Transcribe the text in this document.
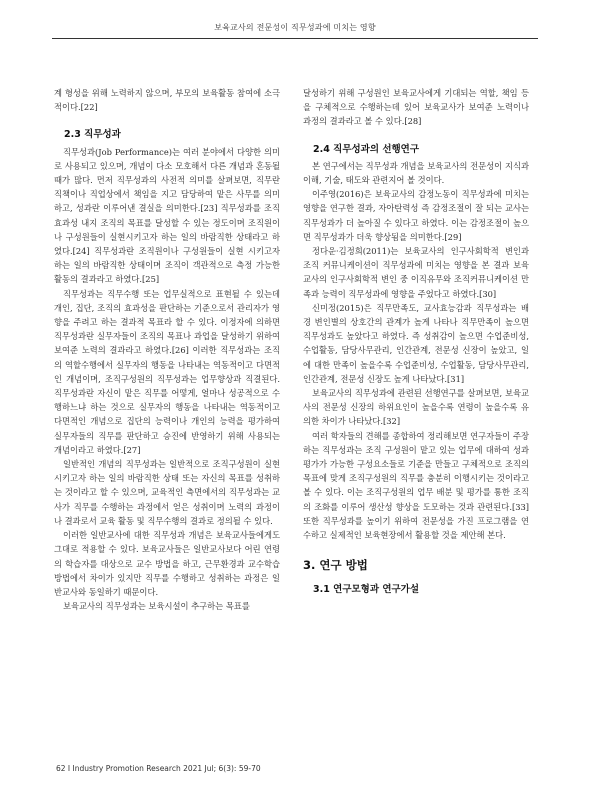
보육교사의 전문성이 직무성과에 미치는 영향

계 형성을 위해 노력하지 않으며, 부모의 보육활동 참여에 소극적이다.[22]

2.3 직무성과

직무성과(Job Performance)는 여러 분야에서 다양한 의미로 사용되고 있으며, 개념이 다소 모호해서 다른 개념과 혼동될 때가 많다. 먼저 직무성과의 사전적 의미를 살펴보면, 직무란 직책이나 직업상에서 책임을 지고 담당하여 맡은 사무를 의미하고, 성과란 이루어낸 결실을 의미한다.[23] 직무성과를 조직효과성 내지 조직의 목표를 달성할 수 있는 정도이며 조직원이나 구성원들이 실현시키고자 하는 일의 바람직한 상태라고 하였다.[24] 직무성과란 조직원이나 구성원들이 실현 시키고자 하는 일의 바람직한 상태이며 조직이 객관적으로 측정 가능한 활동의 결과라고 하였다.[25]

직무성과는 직무수행 또는 업무실적으로 표현될 수 있는데 개인, 집단, 조직의 효과성을 판단하는 기준으로서 관리자가 영향을 주려고 하는 결과적 목표라 할 수 있다. 이정자에 의하면 직무성과란 실무자들이 조직의 목표나 과업을 달성하기 위하여 보여준 노력의 결과라고 하였다.[26] 이러한 직무성과는 조직의 역할수행에서 실무자의 행동을 나타내는 역동적이고 다면적인 개념이며, 조직구성원의 직무성과는 업무향상과 직결된다. 직무성과란 자신이 맡은 직무를 어떻게, 얼마나 성공적으로 수행하느냐 하는 것으로 실무자의 행동을 나타내는 역동적이고 다면적인 개념으로 집단의 능력이나 개인의 능력을 평가하여 실무자들의 직무를 판단하고 승진에 반영하기 위해 사용되는 개념이라고 하였다.[27]

일반적인 개념의 직무성과는 일반적으로 조직구성원이 실현시키고자 하는 일의 바람직한 상태 또는 자신의 목표를 성취하는 것이라고 할 수 있으며, 교육적인 측면에서의 직무성과는 교사가 직무를 수행하는 과정에서 얻은 성취이며 노력의 과정이나 결과로서 교육 활동 및 직무수행의 결과로 정의될 수 있다.

이러한 일반교사에 대한 직무성과 개념은 보육교사들에게도 그대로 적용할 수 있다. 보육교사들은 일반교사보다 어린 연령의 학습자를 대상으로 교수 방법을 하고, 근무환경과 교수학습 방법에서 차이가 있지만 직무를 수행하고 성취하는 과정은 일반교사와 동일하기 때문이다.

보육교사의 직무성과는 보육시설이 추구하는 목표를

달성하기 위해 구성원인 보육교사에게 기대되는 역할, 책임 등을 구체적으로 수행하는데 있어 보육교사가 보여준 노력이나 과정의 결과라고 볼 수 있다.[28]

2.4 직무성과의 선행연구

본 연구에서는 직무성과 개념을 보육교사의 전문성이 지식과 이해, 기술, 태도와 관련지어 볼 것이다.

이주영(2016)은 보육교사의 감정노동이 직무성과에 미치는 영향을 연구한 결과, 자아탄력성 즉 감정조절이 잘 되는 교사는 직무성과가 더 높아질 수 있다고 하였다. 이는 감정조절이 높으면 직무성과가 더욱 향상됨을 의미한다.[29]

정다운·김정희(2011)는 보육교사의 인구사회학적 변인과 조직 커뮤니케이션이 직무성과에 미치는 영향을 본 결과 보육교사의 인구사회학적 변인 중 이직유무와 조직커뮤니케이션 만족과 능력이 직무성과에 영향을 주었다고 하였다.[30]

신미정(2015)은 직무만족도, 교사효능감과 직무성과는 배경 변인별의 상호간의 관계가 높게 나타나 직무만족이 높으면 직무성과도 높았다고 하였다. 즉 성취감이 높으면 수업준비성, 수업활동, 담당사무관리, 인간관계, 전문성 신장이 높았고, 일에 대한 만족이 높을수록 수업준비성, 수업활동, 담당사무관리, 인간관계, 전문성 신장도 높게 나타났다.[31]

보육교사의 직무성과에 관련된 선행연구를 살펴보면, 보육교사의 전문성 신장의 하위요인이 높을수록 연령이 높을수록 유의한 차이가 나타났다.[32]

여러 학자들의 견해를 종합하여 정리해보면 연구자들이 주장하는 직무성과는 조직 구성원이 맡고 있는 업무에 대하여 성과평가가 가능한 구성요소들로 기준을 만들고 구체적으로 조직의 목표에 맞게 조직구성원의 직무를 충분히 이행시키는 것이라고 볼 수 있다. 이는 조직구성원의 업무 배분 및 평가를 통한 조직의 조화를 이루어 생산성 향상을 도모하는 것과 관련된다.[33] 또한 직무성과를 높이기 위하여 전문성을 가진 프로그램을 연수하고 실제적인 보육현장에서 활용할 것을 제안해 본다.

3. 연구 방법

3.1 연구모형과 연구가설

62 I Industry Promotion Research 2021 Jul; 6(3): 59-70
